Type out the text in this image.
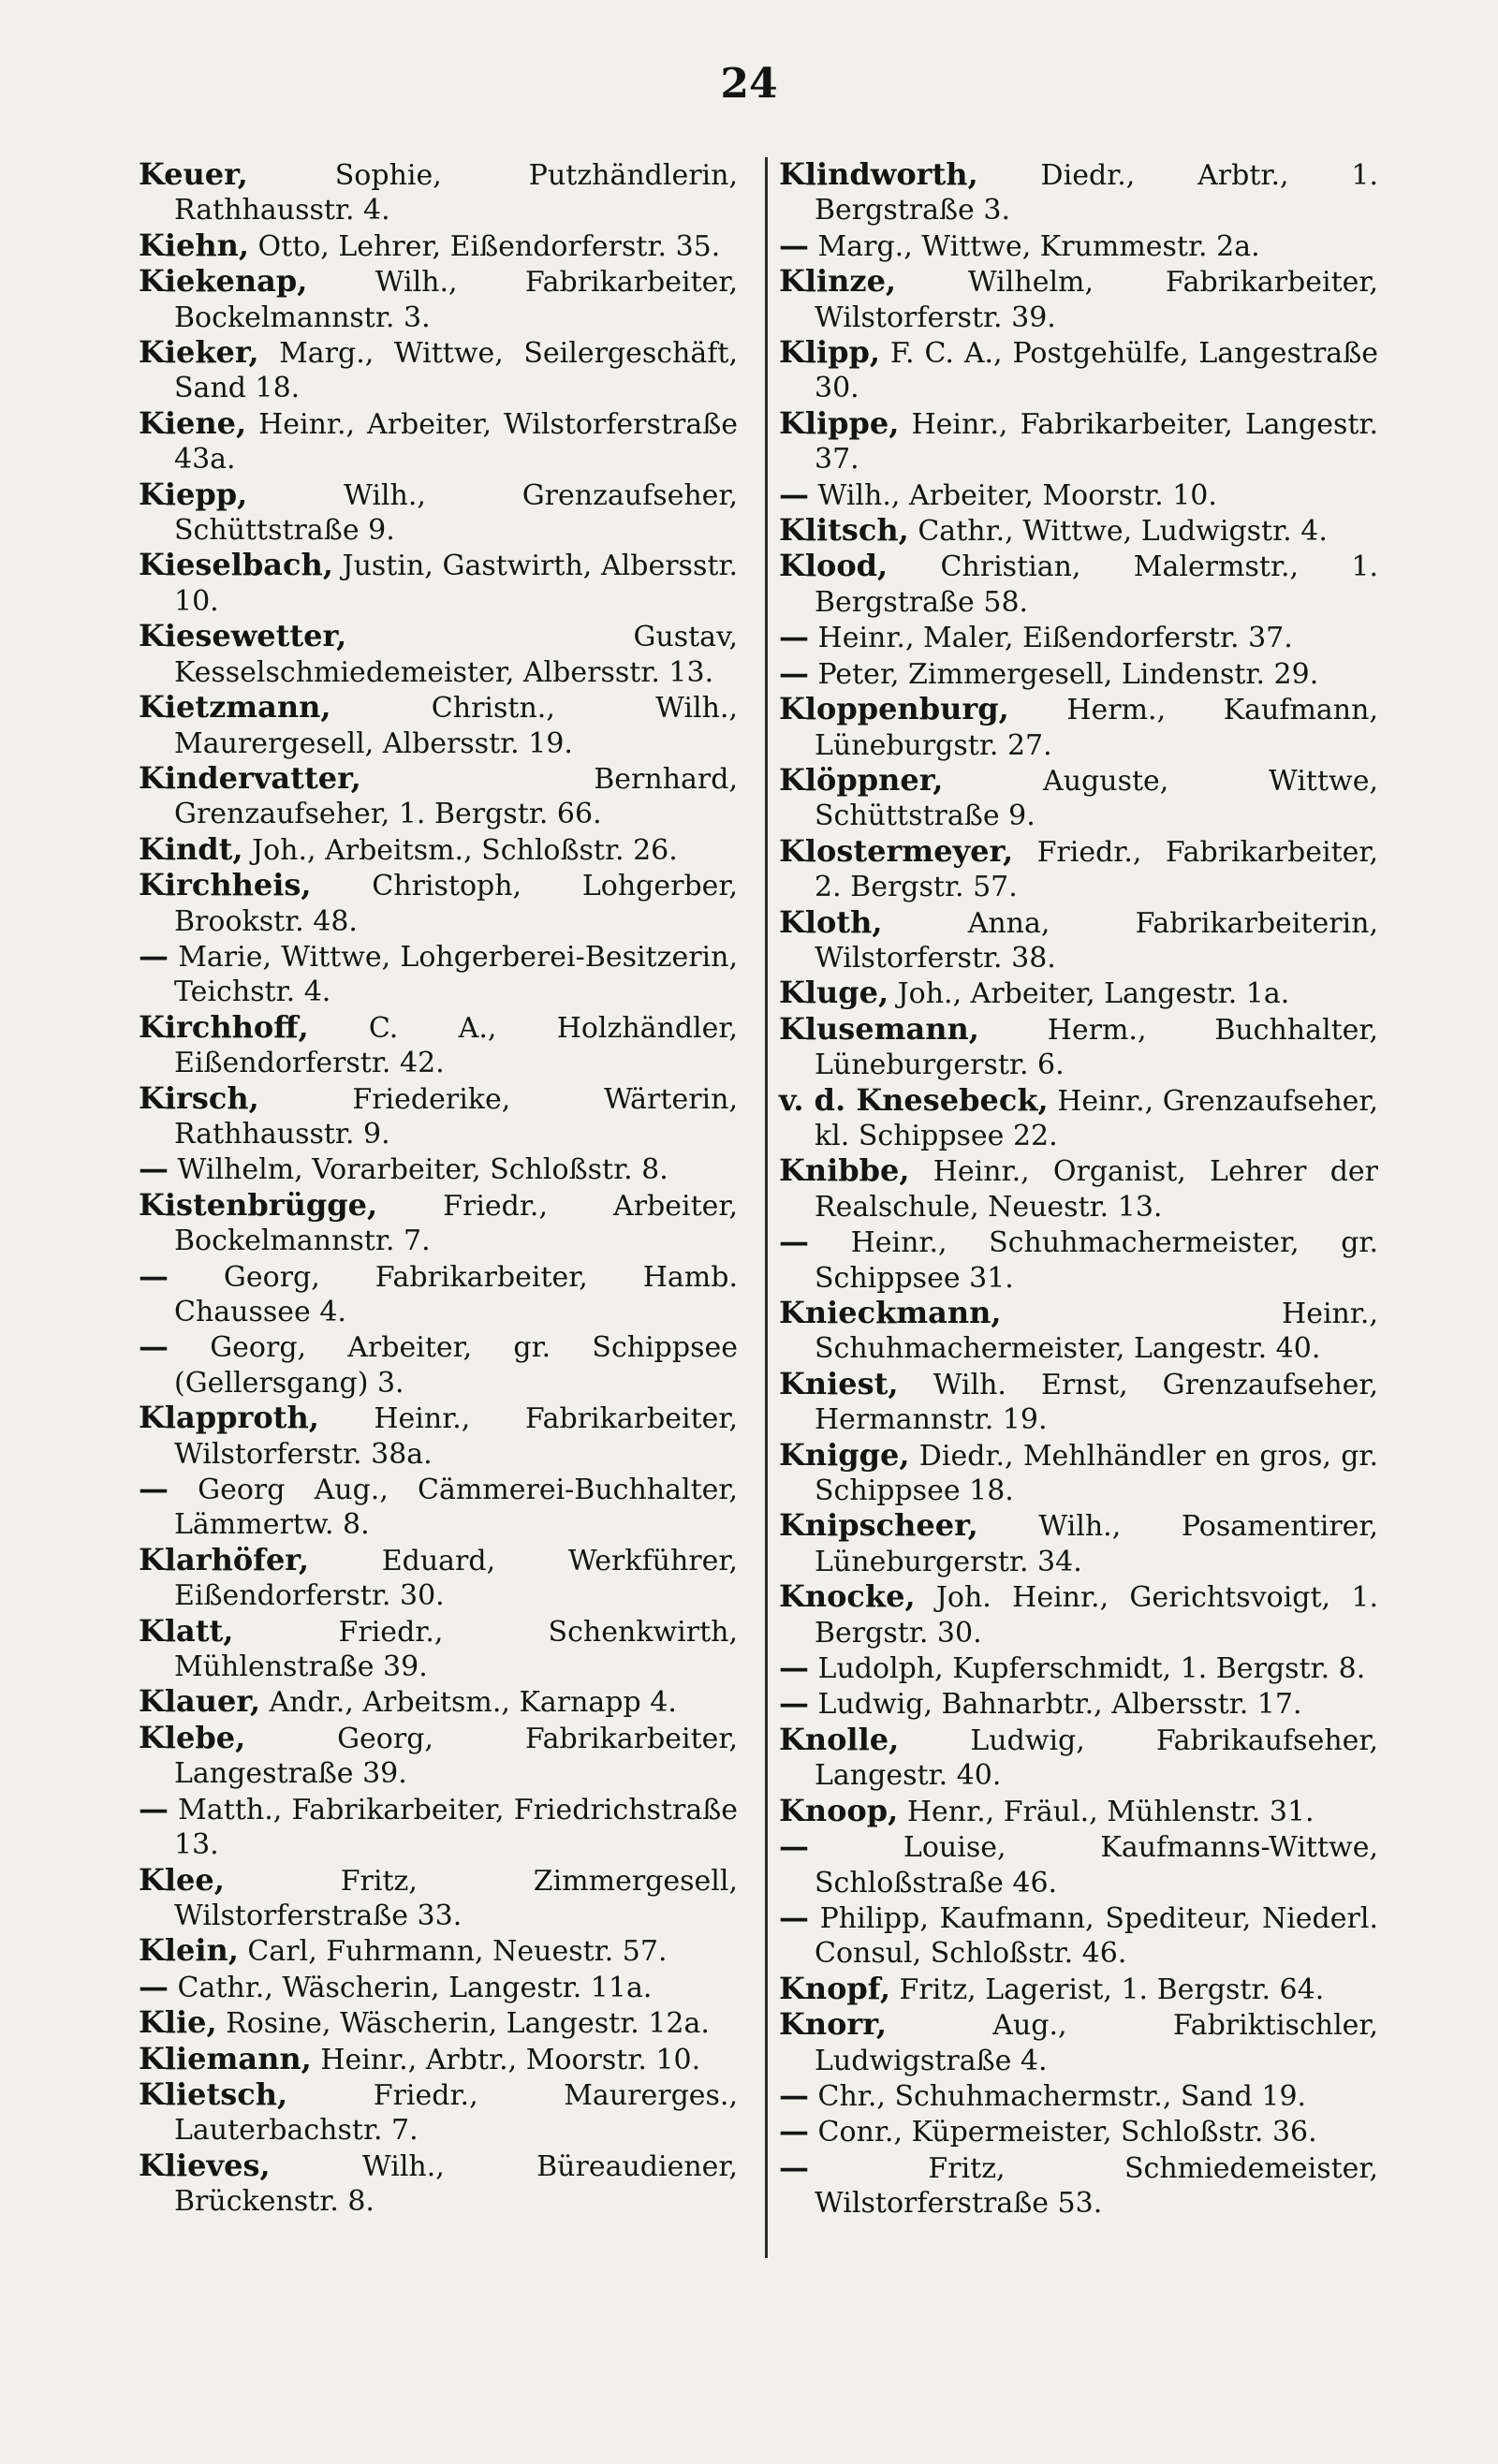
24
Keuer, Sophie, Putzhändlerin, Rathhausstr. 4.
Kiehn, Otto, Lehrer, Eißendorferstr. 35.
Kiekenap, Wilh., Fabrikarbeiter, Bockelmannstr. 3.
Kieker, Marg., Wittwe, Seilergeschäft, Sand 18.
Kiene, Heinr., Arbeiter, Wilstorferstraße 43a.
Kiepp, Wilh., Grenzaufseher, Schüttstraße 9.
Kieselbach, Justin, Gastwirth, Albersstr. 10.
Kiesewetter, Gustav, Kesselschmiedemeister, Albersstr. 13.
Kietzmann, Christn., Wilh., Maurergesell, Albersstr. 19.
Kindervatter, Bernhard, Grenzaufseher, 1. Bergstr. 66.
Kindt, Joh., Arbeitsm., Schloßstr. 26.
Kirchheis, Christoph, Lohgerber, Brookstr. 48.
— Marie, Wittwe, Lohgerberei-Besitzerin, Teichstr. 4.
Kirchhoff, C. A., Holzhändler, Eißendorferstr. 42.
Kirsch, Friederike, Wärterin, Rathhausstr. 9.
— Wilhelm, Vorarbeiter, Schloßstr. 8.
Kistenbrügge, Friedr., Arbeiter, Bockelmannstr. 7.
— Georg, Fabrikarbeiter, Hamb. Chaussee 4.
— Georg, Arbeiter, gr. Schippsee (Gellersgang) 3.
Klapproth, Heinr., Fabrikarbeiter, Wilstorferstr. 38a.
— Georg Aug., Cämmerei-Buchhalter, Lämmertw. 8.
Klarhöfer, Eduard, Werkführer, Eißendorferstr. 30.
Klatt, Friedr., Schenkwirth, Mühlenstraße 39.
Klauer, Andr., Arbeitsm., Karnapp 4.
Klebe, Georg, Fabrikarbeiter, Langestraße 39.
— Matth., Fabrikarbeiter, Friedrichstraße 13.
Klee, Fritz, Zimmergesell, Wilstorferstraße 33.
Klein, Carl, Fuhrmann, Neuestr. 57.
— Cathr., Wäscherin, Langestr. 11a.
Klie, Rosine, Wäscherin, Langestr. 12a.
Kliemann, Heinr., Arbtr., Moorstr. 10.
Klietsch, Friedr., Maurerges., Lauterbachstr. 7.
Klieves, Wilh., Büreaudiener, Brückenstr. 8.
Klindworth, Diedr., Arbtr., 1. Bergstraße 3.
— Marg., Wittwe, Krummestr. 2a.
Klinze, Wilhelm, Fabrikarbeiter, Wilstorferstr. 39.
Klipp, F. C. A., Postgehülfe, Langestraße 30.
Klippe, Heinr., Fabrikarbeiter, Langestr. 37.
— Wilh., Arbeiter, Moorstr. 10.
Klitsch, Cathr., Wittwe, Ludwigstr. 4.
Klood, Christian, Malermstr., 1. Bergstraße 58.
— Heinr., Maler, Eißendorferstr. 37.
— Peter, Zimmergesell, Lindenstr. 29.
Kloppenburg, Herm., Kaufmann, Lüneburgstr. 27.
Klöppner, Auguste, Wittwe, Schüttstraße 9.
Klostermeyer, Friedr., Fabrikarbeiter, 2. Bergstr. 57.
Kloth, Anna, Fabrikarbeiterin, Wilstorferstr. 38.
Kluge, Joh., Arbeiter, Langestr. 1a.
Klusemann, Herm., Buchhalter, Lüneburgerstr. 6.
v. d. Knesebeck, Heinr., Grenzaufseher, kl. Schippsee 22.
Knibbe, Heinr., Organist, Lehrer der Realschule, Neuestr. 13.
— Heinr., Schuhmachermeister, gr. Schippsee 31.
Knieckmann, Heinr., Schuhmachermeister, Langestr. 40.
Kniest, Wilh. Ernst, Grenzaufseher, Hermannstr. 19.
Knigge, Diedr., Mehlhändler en gros, gr. Schippsee 18.
Knipscheer, Wilh., Posamentirer, Lüneburgerstr. 34.
Knocke, Joh. Heinr., Gerichtsvoigt, 1. Bergstr. 30.
— Ludolph, Kupferschmidt, 1. Bergstr. 8.
— Ludwig, Bahnarbtr., Albersstr. 17.
Knolle, Ludwig, Fabrikaufseher, Langestr. 40.
Knoop, Henr., Fräul., Mühlenstr. 31.
— Louise, Kaufmanns-Wittwe, Schloßstraße 46.
— Philipp, Kaufmann, Spediteur, Niederl. Consul, Schloßstr. 46.
Knopf, Fritz, Lagerist, 1. Bergstr. 64.
Knorr, Aug., Fabriktischler, Ludwigstraße 4.
— Chr., Schuhmachermstr., Sand 19.
— Conr., Küpermeister, Schloßstr. 36.
— Fritz, Schmiedemeister, Wilstorferstraße 53.
